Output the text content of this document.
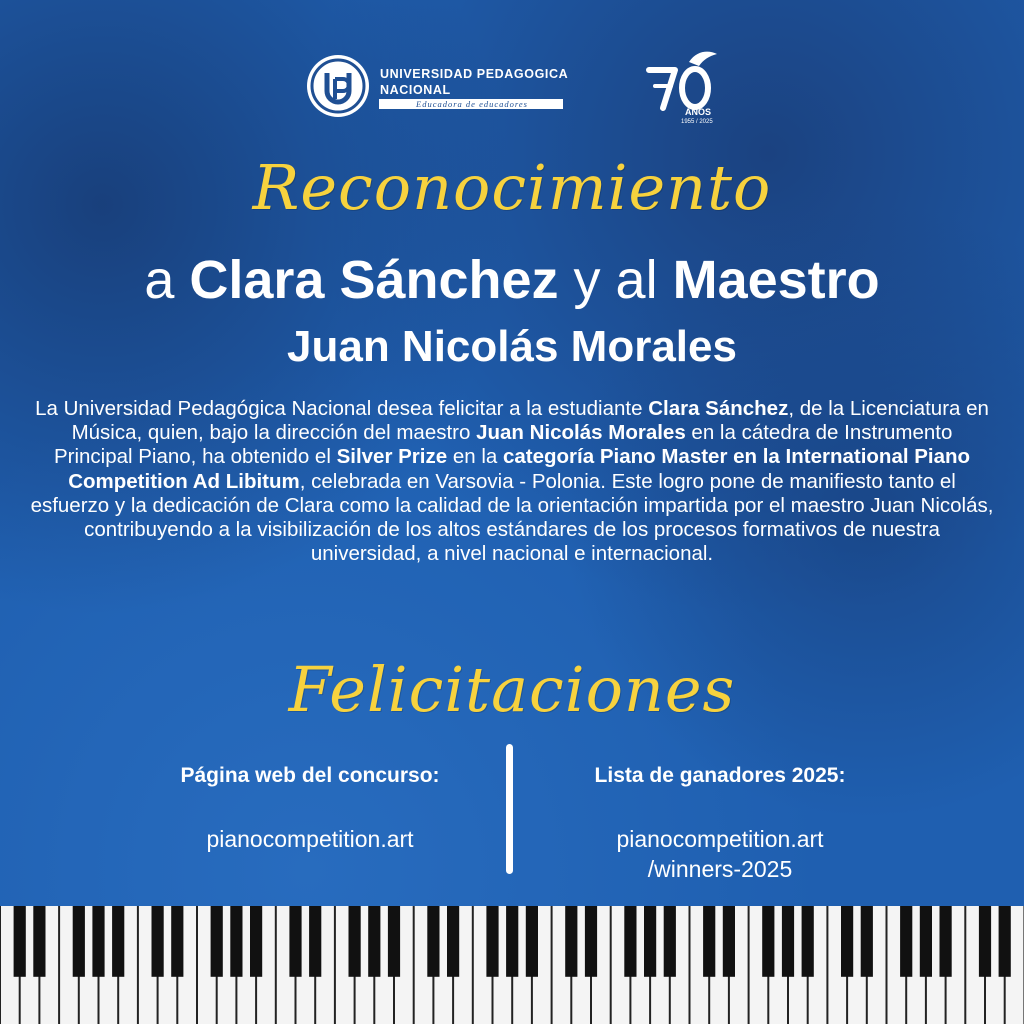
UNIVERSIDAD PEDAGOGICA
NACIONAL
Educadora de educadores
AÑOS
1955 / 2025
Reconocimiento
a Clara Sánchez y al Maestro
Juan Nicolás Morales
La Universidad Pedagógica Nacional desea felicitar a la estudiante Clara Sánchez, de la Licenciatura en Música, quien, bajo la dirección del maestro Juan Nicolás Morales en la cátedra de Instrumento Principal Piano, ha obtenido el Silver Prize en la categoría Piano Master en la International Piano Competition Ad Libitum, celebrada en Varsovia - Polonia. Este logro pone de manifiesto tanto el esfuerzo y la dedicación de Clara como la calidad de la orientación impartida por el maestro Juan Nicolás, contribuyendo a la visibilización de los altos estándares de los procesos formativos de nuestra universidad, a nivel nacional e internacional.
Felicitaciones
Página web del concurso:
pianocompetition.art
Lista de ganadores 2025:
pianocompetition.art
/winners-2025
